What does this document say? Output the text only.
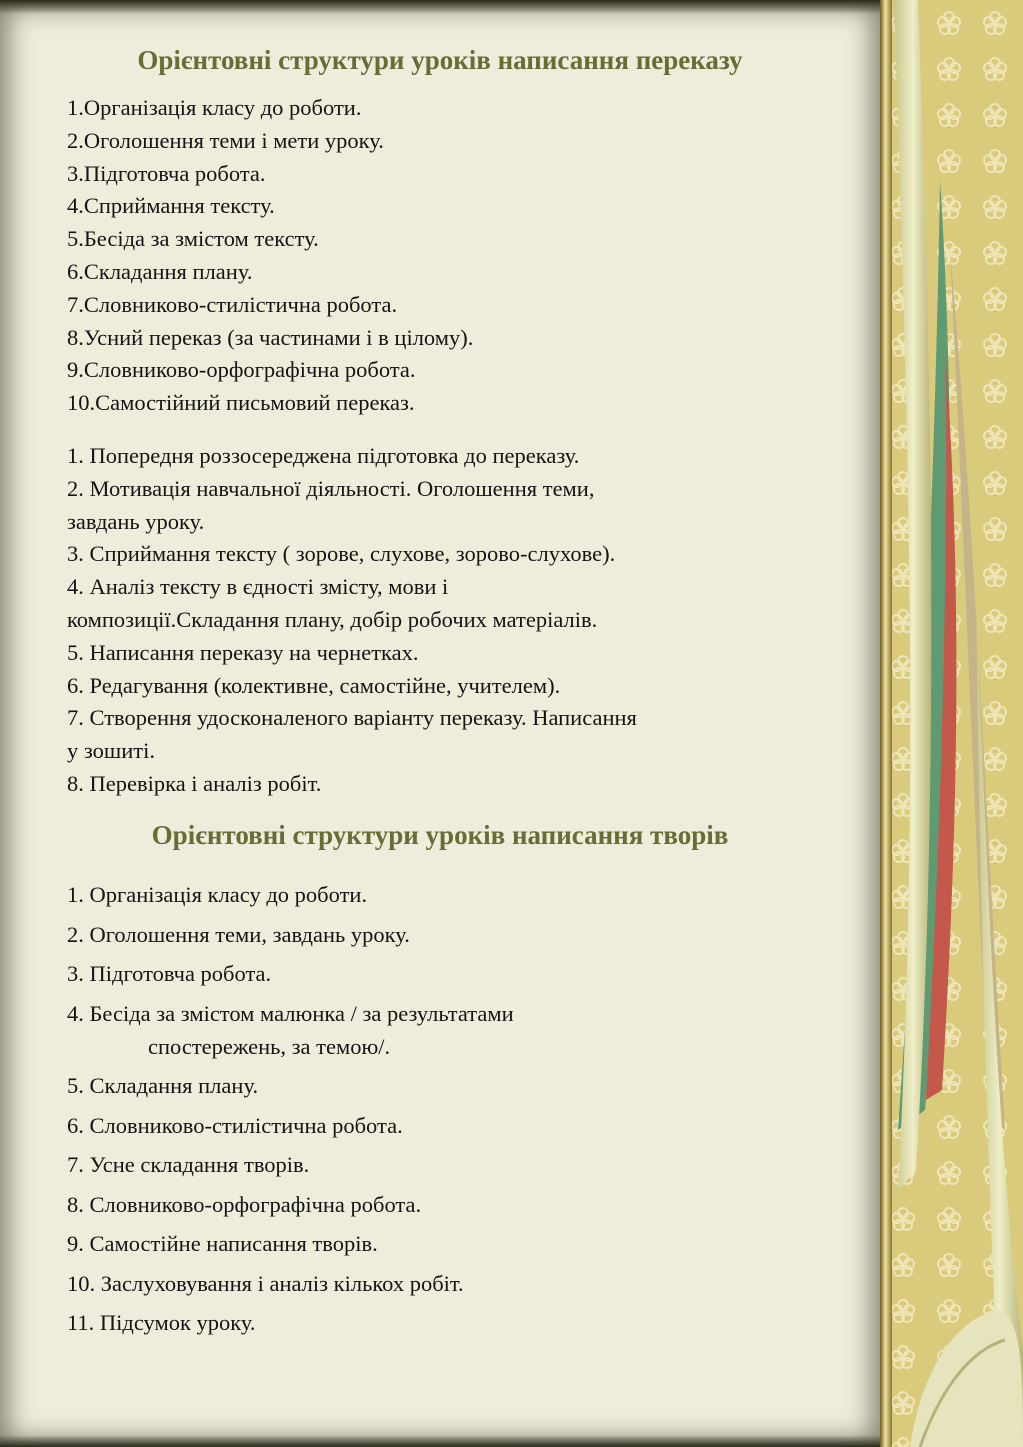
Орієнтовні структури уроків написання переказу
1.Організація класу до роботи.
2.Оголошення теми і мети уроку.
3.Підготовча робота.
4.Сприймання тексту.
5.Бесіда за змістом тексту.
6.Складання плану.
7.Словниково-стилістична робота.
8.Усний переказ (за частинами і в цілому).
9.Словниково-орфографічна робота.
10.Самостійний письмовий переказ.
1. Попередня роззосереджена підготовка до переказу.
2. Мотивація навчальної діяльності. Оголошення теми,
завдань уроку.
3. Сприймання тексту ( зорове, слухове, зорово-слухове).
4. Аналіз тексту в єдності змісту, мови і
композиції.Складання плану, добір робочих матеріалів.
5. Написання переказу на чернетках.
6. Редагування (колективне, самостійне, учителем).
7. Створення удосконаленого варіанту переказу. Написання
у зошиті.
8. Перевірка і аналіз робіт.
Орієнтовні структури уроків написання творів
1. Організація класу до роботи.
2. Оголошення теми, завдань уроку.
3. Підготовча робота.
4. Бесіда за змістом малюнка / за результатами
спостережень, за темою/.
5. Складання плану.
6. Словниково-стилістична робота.
7. Усне складання творів.
8. Словниково-орфографічна робота.
9. Самостійне написання творів.
10. Заслуховування і аналіз кількох робіт.
11. Підсумок уроку.
